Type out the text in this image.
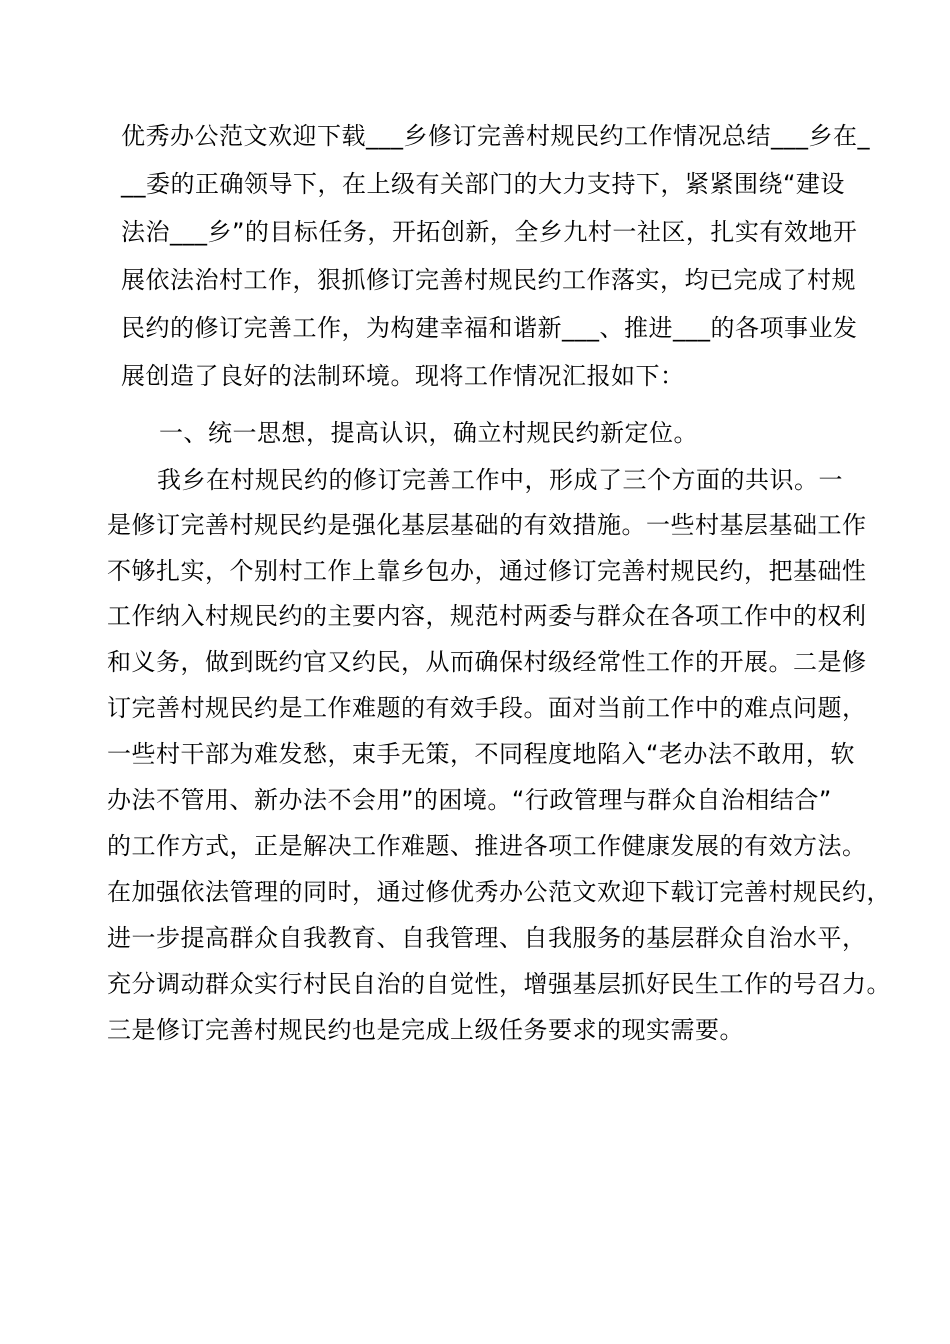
优秀办公范文欢迎下载___乡修订完善村规民约工作情况总结___乡在_
__委的正确领导下，在上级有关部门的大力支持下，紧紧围绕“建设
法治___乡”的目标任务，开拓创新，全乡九村一社区，扎实有效地开
展依法治村工作，狠抓修订完善村规民约工作落实，均已完成了村规
民约的修订完善工作，为构建幸福和谐新___、推进___的各项事业发
展创造了良好的法制环境。现将工作情况汇报如下：
一、统一思想，提高认识，确立村规民约新定位。
我乡在村规民约的修订完善工作中，形成了三个方面的共识。一
是修订完善村规民约是强化基层基础的有效措施。一些村基层基础工作
不够扎实，个别村工作上靠乡包办，通过修订完善村规民约，把基础性
工作纳入村规民约的主要内容，规范村两委与群众在各项工作中的权利
和义务，做到既约官又约民，从而确保村级经常性工作的开展。二是修
订完善村规民约是工作难题的有效手段。面对当前工作中的难点问题，
一些村干部为难发愁，束手无策，不同程度地陷入“老办法不敢用，软
办法不管用、新办法不会用”的困境。“行政管理与群众自治相结合”
的工作方式，正是解决工作难题、推进各项工作健康发展的有效方法。
在加强依法管理的同时，通过修优秀办公范文欢迎下载订完善村规民约，
进一步提高群众自我教育、自我管理、自我服务的基层群众自治水平，
充分调动群众实行村民自治的自觉性，增强基层抓好民生工作的号召力。
三是修订完善村规民约也是完成上级任务要求的现实需要。
